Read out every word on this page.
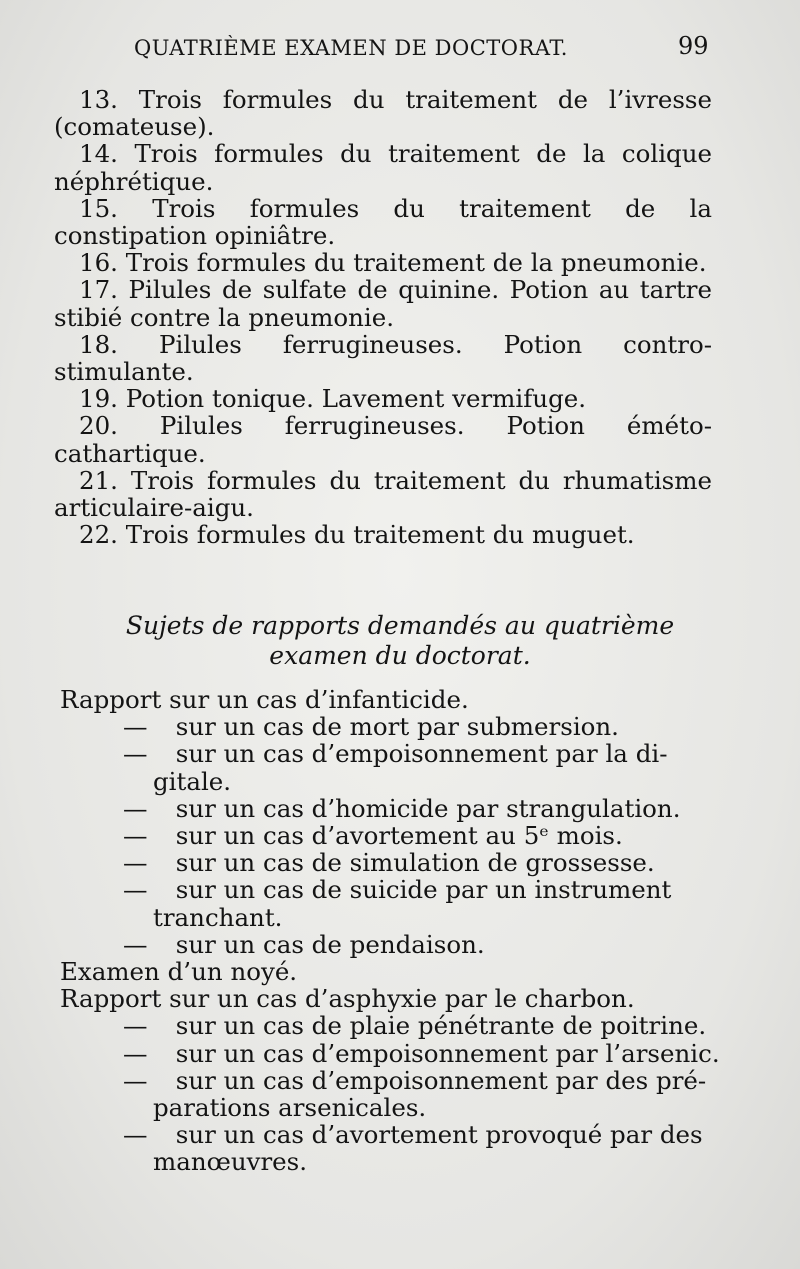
QUATRIÈME EXAMEN DE DOCTORAT.	99

13. Trois formules du traitement de l’ivresse (comateuse).

14. Trois formules du traitement de la colique néphrétique.

15. Trois formules du traitement de la constipation opiniâtre.

16. Trois formules du traitement de la pneumonie.

17. Pilules de sulfate de quinine. Potion au tartre stibié contre la pneumonie.

18. Pilules ferrugineuses. Potion contro-stimulante.

19. Potion tonique. Lavement vermifuge.

20. Pilules ferrugineuses. Potion éméto-cathartique.

21. Trois formules du traitement du rhumatisme articulaire-aigu.

22. Trois formules du traitement du muguet.

Sujets de rapports demandés au quatrième
examen du doctorat.
Rapport sur un cas d’infanticide.
— sur un cas de mort par submersion.
— sur un cas d’empoisonnement par la di-
gitale.
— sur un cas d’homicide par strangulation.
— sur un cas d’avortement au 5ᵉ mois.
— sur un cas de simulation de grossesse.
— sur un cas de suicide par un instrument
tranchant.
— sur un cas de pendaison.
Examen d’un noyé.
Rapport sur un cas d’asphyxie par le charbon.
— sur un cas de plaie pénétrante de poitrine.
— sur un cas d’empoisonnement par l’arsenic.
— sur un cas d’empoisonnement par des pré-
parations arsenicales.
— sur un cas d’avortement provoqué par des
manœuvres.
